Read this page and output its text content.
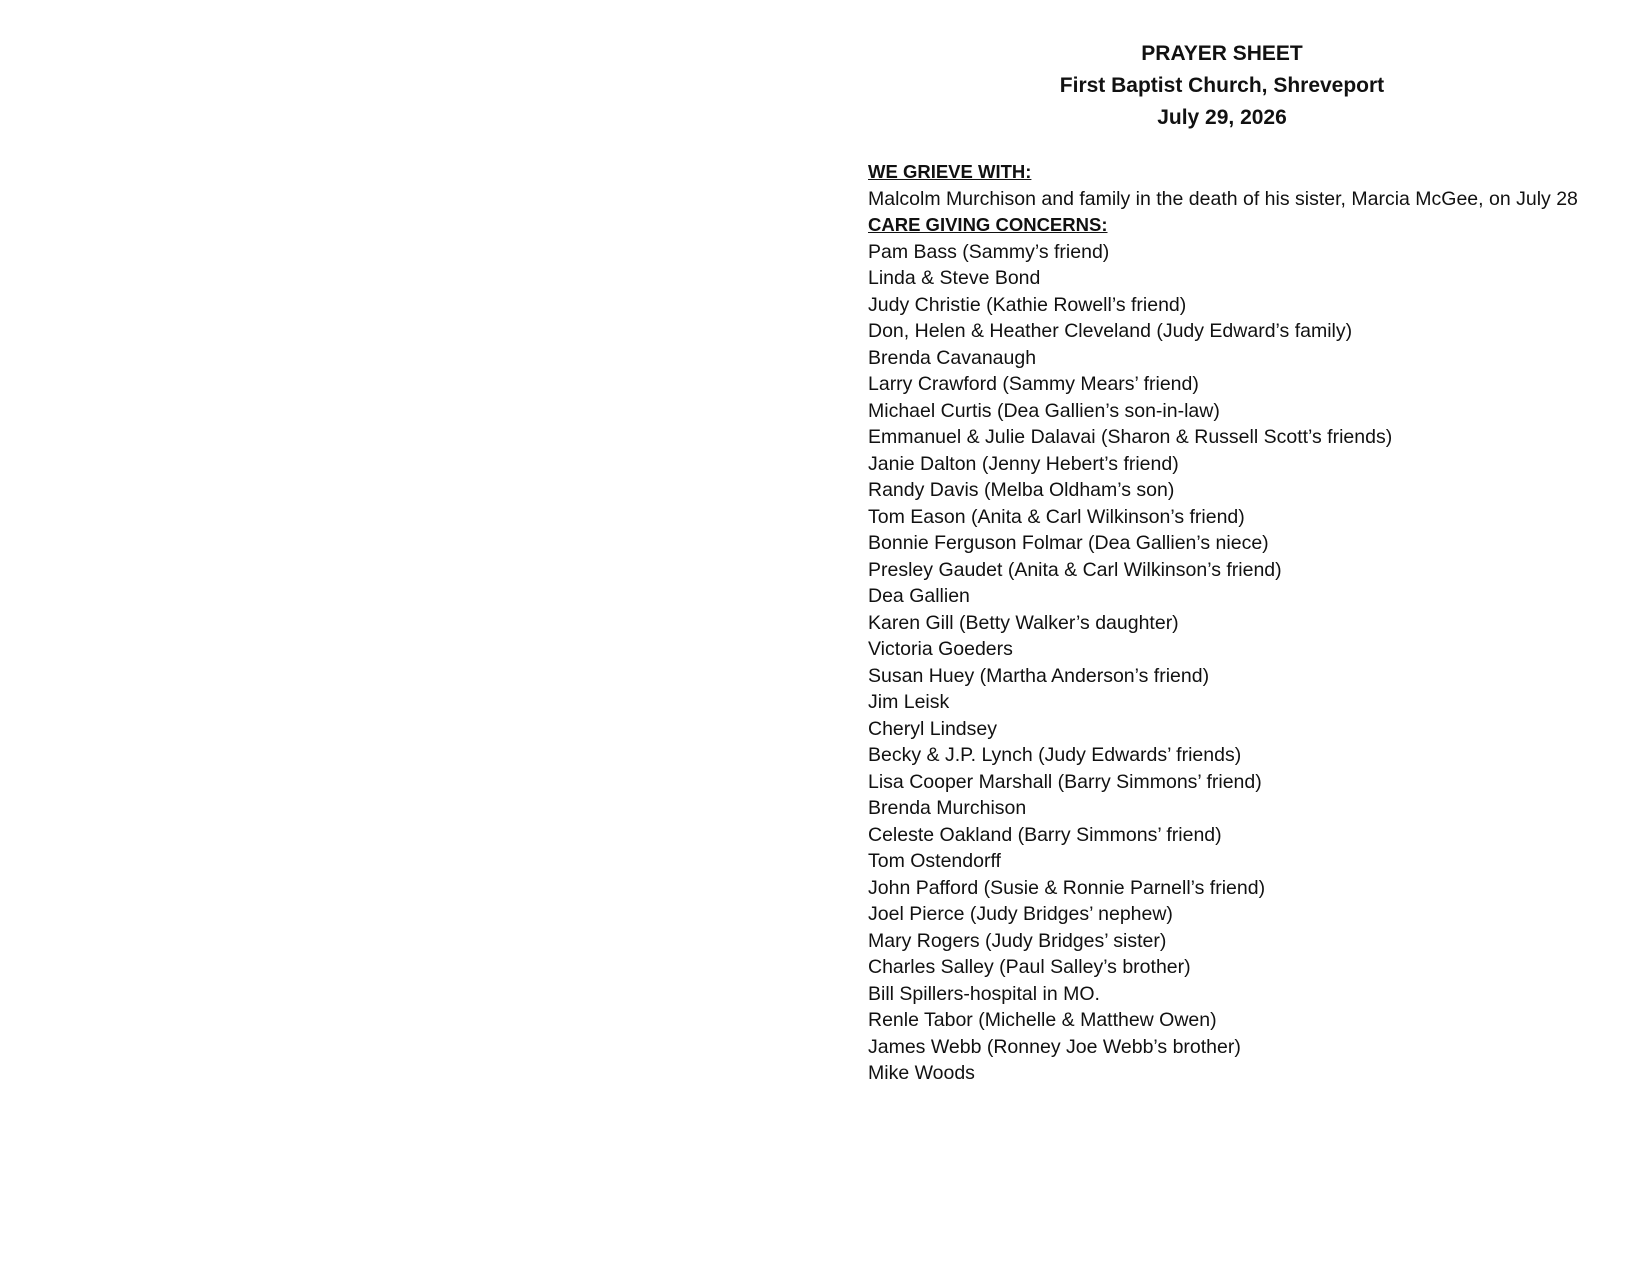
PRAYER SHEET
First Baptist Church, Shreveport
July 29, 2026
WE GRIEVE WITH:
Malcolm Murchison and family in the death of his sister, Marcia McGee, on July 28
CARE GIVING CONCERNS:
Pam Bass (Sammy’s friend)
Linda & Steve Bond
Judy Christie (Kathie Rowell’s friend)
Don, Helen & Heather Cleveland (Judy Edward’s family)
Brenda Cavanaugh
Larry Crawford (Sammy Mears’ friend)
Michael Curtis (Dea Gallien’s son-in-law)
Emmanuel & Julie Dalavai (Sharon & Russell Scott’s friends)
Janie Dalton (Jenny Hebert’s friend)
Randy Davis (Melba Oldham’s son)
Tom Eason (Anita & Carl Wilkinson’s friend)
Bonnie Ferguson Folmar (Dea Gallien’s niece)
Presley Gaudet (Anita & Carl Wilkinson’s friend)
Dea Gallien
Karen Gill (Betty Walker’s daughter)
Victoria Goeders
Susan Huey (Martha Anderson’s friend)
Jim Leisk
Cheryl Lindsey
Becky & J.P. Lynch (Judy Edwards’ friends)
Lisa Cooper Marshall (Barry Simmons’ friend)
Brenda Murchison
Celeste Oakland (Barry Simmons’ friend)
Tom Ostendorff
John Pafford (Susie & Ronnie Parnell’s friend)
Joel Pierce (Judy Bridges’ nephew)
Mary Rogers (Judy Bridges’ sister)
Charles Salley (Paul Salley’s brother)
Bill Spillers-hospital in MO.
Renle Tabor (Michelle & Matthew Owen)
James Webb (Ronney Joe Webb’s brother)
Mike Woods
